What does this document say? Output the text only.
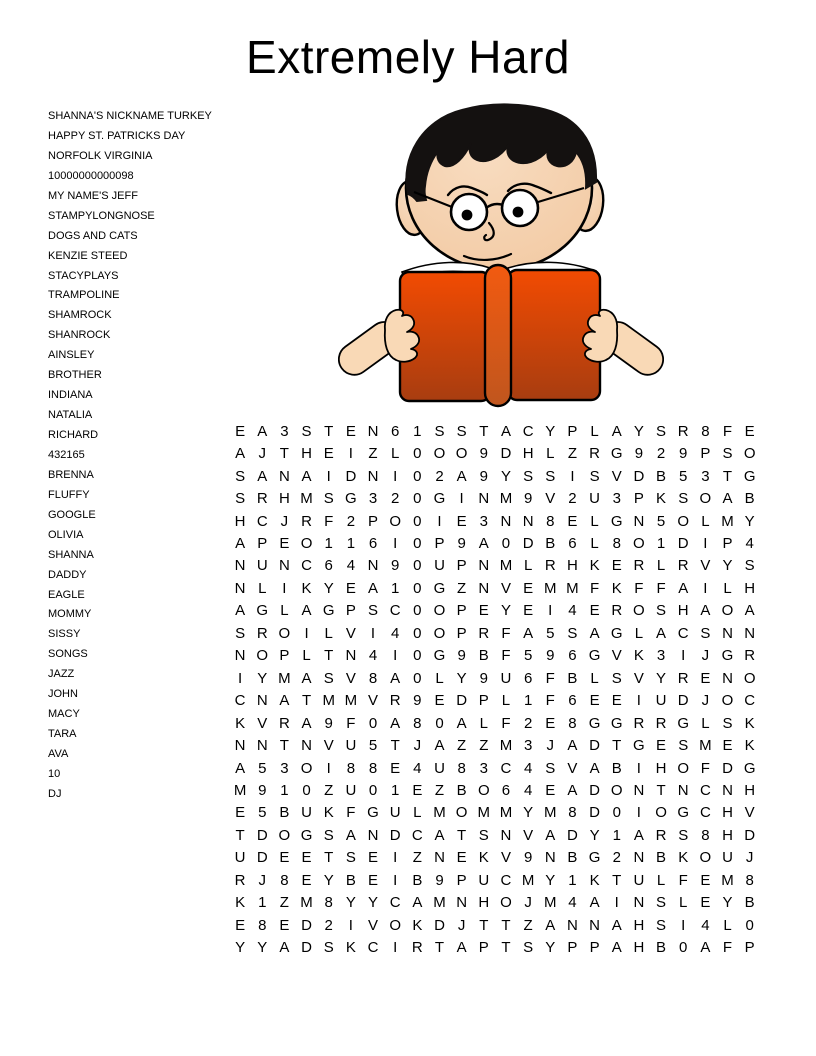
Extremely Hard
SHANNA'S NICKNAME TURKEY
HAPPY ST. PATRICKS DAY
NORFOLK VIRGINIA
10000000000098
MY NAME'S JEFF
STAMPYLONGNOSE
DOGS AND CATS
KENZIE STEED
STACYPLAYS
TRAMPOLINE
SHAMROCK
SHANROCK
AINSLEY
BROTHER
INDIANA
NATALIA
RICHARD
432165
BRENNA
FLUFFY
GOOGLE
OLIVIA
SHANNA
DADDY
EAGLE
MOMMY
SISSY
SONGS
JAZZ
JOHN
MACY
TARA
AVA
10
DJ
E A 3 S T E N 6 1 S S T A C Y P L A Y S R 8 F E
A J T H E	I	Z L 0 O O 9 D H L Z R G 9 2 9 P S O
S A N A	I D N I	0 2 A 9 Y S S	I	S V D B 5 3 T G
S R H M S G 3 2 0 G I N M 9 V 2 U 3 P K S O A B
H C J R F 2 P O 0	I	E 3 N N 8 E L G N 5 O L M Y
A P E O 1 1 6	I	0 P 9 A 0 D B 6 L 8 O 1 D I	P 4
N U N C 6 4 N 9 0 U P N M L R H K E R L R V Y S
N L	I	K Y E A 1 0 G Z N V E M M F K F F A	I	L H
A G L A G P S C 0 O P E Y E	I	4 E R O S H A O A
S R O I	L V	I	4 0 O P R F A 5 S A G L A C S N N
N O P L T N 4	I	0 G 9 B F 5 9 6 G V K 3	I	J G R
I	Y M A S V 8 A 0 L Y 9 U 6 F B L S V Y R E N O
C N A T M M V R 9 E D P L 1 F 6 E E	I U D J O C
K V R A 9 F 0 A 8 0 A L F 2 E 8 G G R R G L S K
N N T N V U 5 T J A Z Z M 3 J A D T G E S M E K
A 5 3 O I	8 8 E 4 U 8 3 C 4 S V A B	I H O F D G
M 9 1 0 Z U 0 1 E Z B O 6 4 E A D O N T N C N H
E 5 B U K F G U L M O M M Y M 8 D 0	I O G C H V
T D O G S A N D C A T S N V A D Y 1 A R S 8 H D
U D E E T S E	I	Z N E K V 9 N B G 2 N B K O U J
R J 8 E Y B E	I	B 9 P U C M Y 1 K T U L F E M 8
K 1 Z M 8 Y Y C A M N H O J M 4 A	I N S L E Y B
E 8 E D 2	I	V O K D J T T Z A N N A H S	I	4 L 0
Y Y A D S K C I R T A P T S Y P P A H B 0 A F P
